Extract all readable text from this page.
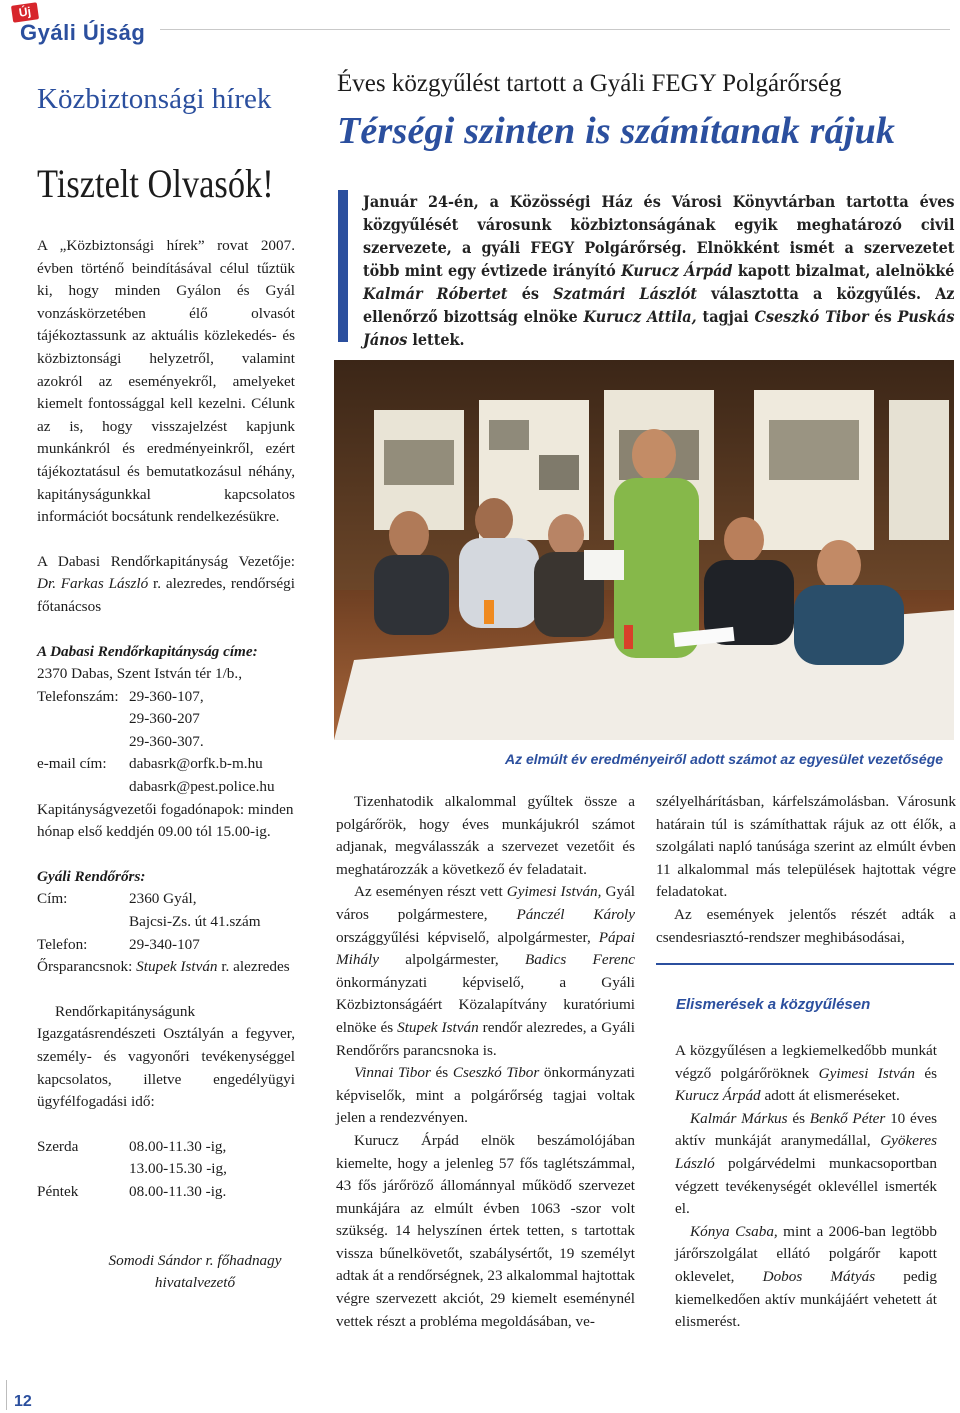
Új
Gyáli Újság
Közbiztonsági hírek
Tisztelt Olvasók!
A „Közbiztonsági hírek” rovat 2007. évben történő beindításával célul tűztük ki, hogy minden Gyálon és Gyál vonzáskörzetében élő olvasót tájékoztassunk az aktuális közlekedés- és közbiztonsági helyzetről, valamint azokról az eseményekről, amelyeket kiemelt fontossággal kell kezelni. Célunk az is, hogy visszajelzést kapjunk munkánkról és eredményeinkről, ezért tájékoztatásul és bemutatkozásul néhány, kapitányságunkkal kapcsolatos információt bocsátunk rendelkezésükre.
A Dabasi Rendőrkapitányság Vezetője: Dr. Farkas László r. alezredes, rendőrségi főtanácsos
A Dabasi Rendőrkapitányság címe:
2370 Dabas, Szent István tér 1/b.,
Telefonszám: 29-360-107,
29-360-207
29-360-307.
e-mail cím:	dabasrk@orfk.b-m.hu
dabasrk@pest.police.hu
Kapitányságvezetői fogadónapok: minden hónap első keddjén 09.00 tól 15.00-ig.
Gyáli Rendőrőrs:
Cím:	2360 Gyál,
Bajcsi-Zs. út 41.szám
Telefon:	29-340-107
Őrsparancsnok: Stupek István r. alezredes
Rendőrkapitányságunk Igazgatásrendészeti Osztályán a fegyver, személy- és vagyonőri tevékenységgel kapcsolatos, illetve engedélyügyi ügyfélfogadási idő:
Szerda	08.00-11.30 -ig,
13.00-15.30 -ig,
Péntek	08.00-11.30 -ig.
Somodi Sándor r. főhadnagy
hivatalvezető
Éves közgyűlést tartott a Gyáli FEGY Polgárőrség
Térségi szinten is számítanak rájuk
Január 24-én, a Közösségi Ház és Városi Könyvtárban tartotta éves közgyűlését városunk közbiztonságának egyik meghatározó civil szervezete, a gyáli FEGY Polgárőrség. Elnökként ismét a szervezetet több mint egy évtizede irányító Kurucz Árpád kapott bizalmat, alelnökké Kalmár Róbertet és Szatmári Lászlót választotta a közgyűlés. Az ellenőrző bizottság elnöke Kurucz Attila, tagjai Cseszkó Tibor és Puskás János lettek.
Az elmúlt év eredményeiről adott számot az egyesület vezetősége

Tizenhatodik alkalommal gyűltek össze a polgárőrök, hogy éves munkájukról számot adjanak, megválasszák a szervezet vezetőit és meghatározzák a következő év feladatait.

Az eseményen részt vett Gyimesi István, Gyál város polgármestere, Pánczél Károly országgyűlési képviselő, alpolgármester, Pápai Mihály alpolgármester, Badics Ferenc önkormányzati képviselő, a Gyáli Közbiztonságáért Közalapítvány kuratóriumi elnöke és Stupek István rendőr alezredes, a Gyáli Rendőrőrs parancsnoka is.

Vinnai Tibor és Cseszkó Tibor önkormányzati képviselők, mint a polgárőrség tagjai voltak jelen a rendezvényen.

Kurucz Árpád elnök beszámolójában kiemelte, hogy a jelenleg 57 fős taglétszámmal, 43 fős járőröző állománnyal működő szervezet munkájára az elmúlt évben 1063 -szor volt szükség. 14 helyszínen értek tetten, s tartottak vissza bűnelkövetőt, szabálysértőt, 19 személyt adtak át a rendőrségnek, 23 alkalommal hajtottak végre szervezett akciót, 29 kiemelt eseménynél vettek részt a probléma megoldásában, ve-

szélyelhárításban, kárfelszámolásban. Városunk határain túl is számíthattak rájuk az ott élők, a szolgálati napló tanúsága szerint az elmúlt évben 11 alkalommal más települések hajtottak végre feladatokat.

Az események jelentős részét adták a csendesriasztó-rendszer meghibásodásai,

Elismerések a közgyűlésen

A közgyűlésen a legkiemelkedőbb munkát végző polgárőröknek Gyimesi István és Kurucz Árpád adott át elismeréseket.

Kalmár Márkus és Benkő Péter 10 éves aktív munkáját aranymedállal, Gyökeres László polgárvédelmi munkacsoportban végzett tevékenységét oklevéllel ismerték el.

Kónya Csaba, mint a 2006-ban legtöbb járőrszolgálat ellátó polgárőr kapott oklevelet, Dobos Mátyás pedig kiemelkedően aktív munkájáért vehetett át elismerést.

12
